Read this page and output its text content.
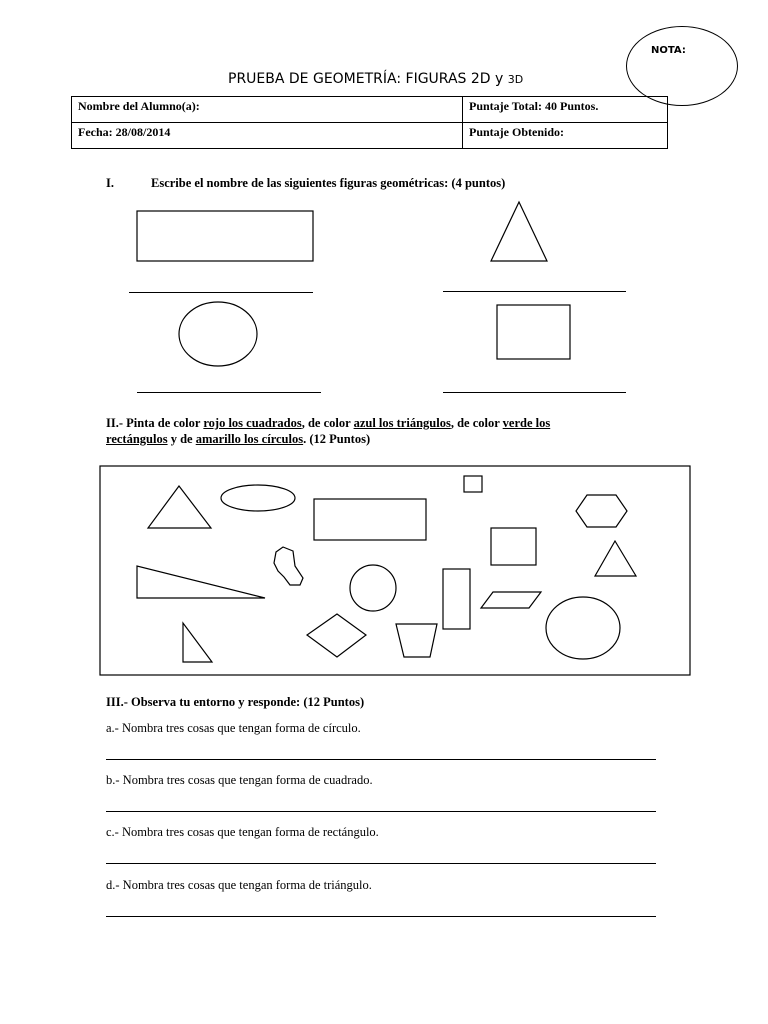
NOTA:
PRUEBA DE GEOMETRÍA: FIGURAS 2D y 3D
Nombre del Alumno(a):	Puntaje Total: 40 Puntos.
Fecha: 28/08/2014	Puntaje Obtenido:
I.	Escribe el nombre de las siguientes figuras geométricas: (4 puntos)
II.- Pinta de color rojo los cuadrados, de color azul los triángulos, de color verde los
rectángulos y de amarillo los círculos. (12 Puntos)
III.- Observa tu entorno y responde: (12 Puntos)
a.- Nombra tres cosas que tengan forma de círculo.
b.- Nombra tres cosas que tengan forma de cuadrado.
c.- Nombra tres cosas que tengan forma de rectángulo.
d.- Nombra tres cosas que tengan forma de triángulo.
